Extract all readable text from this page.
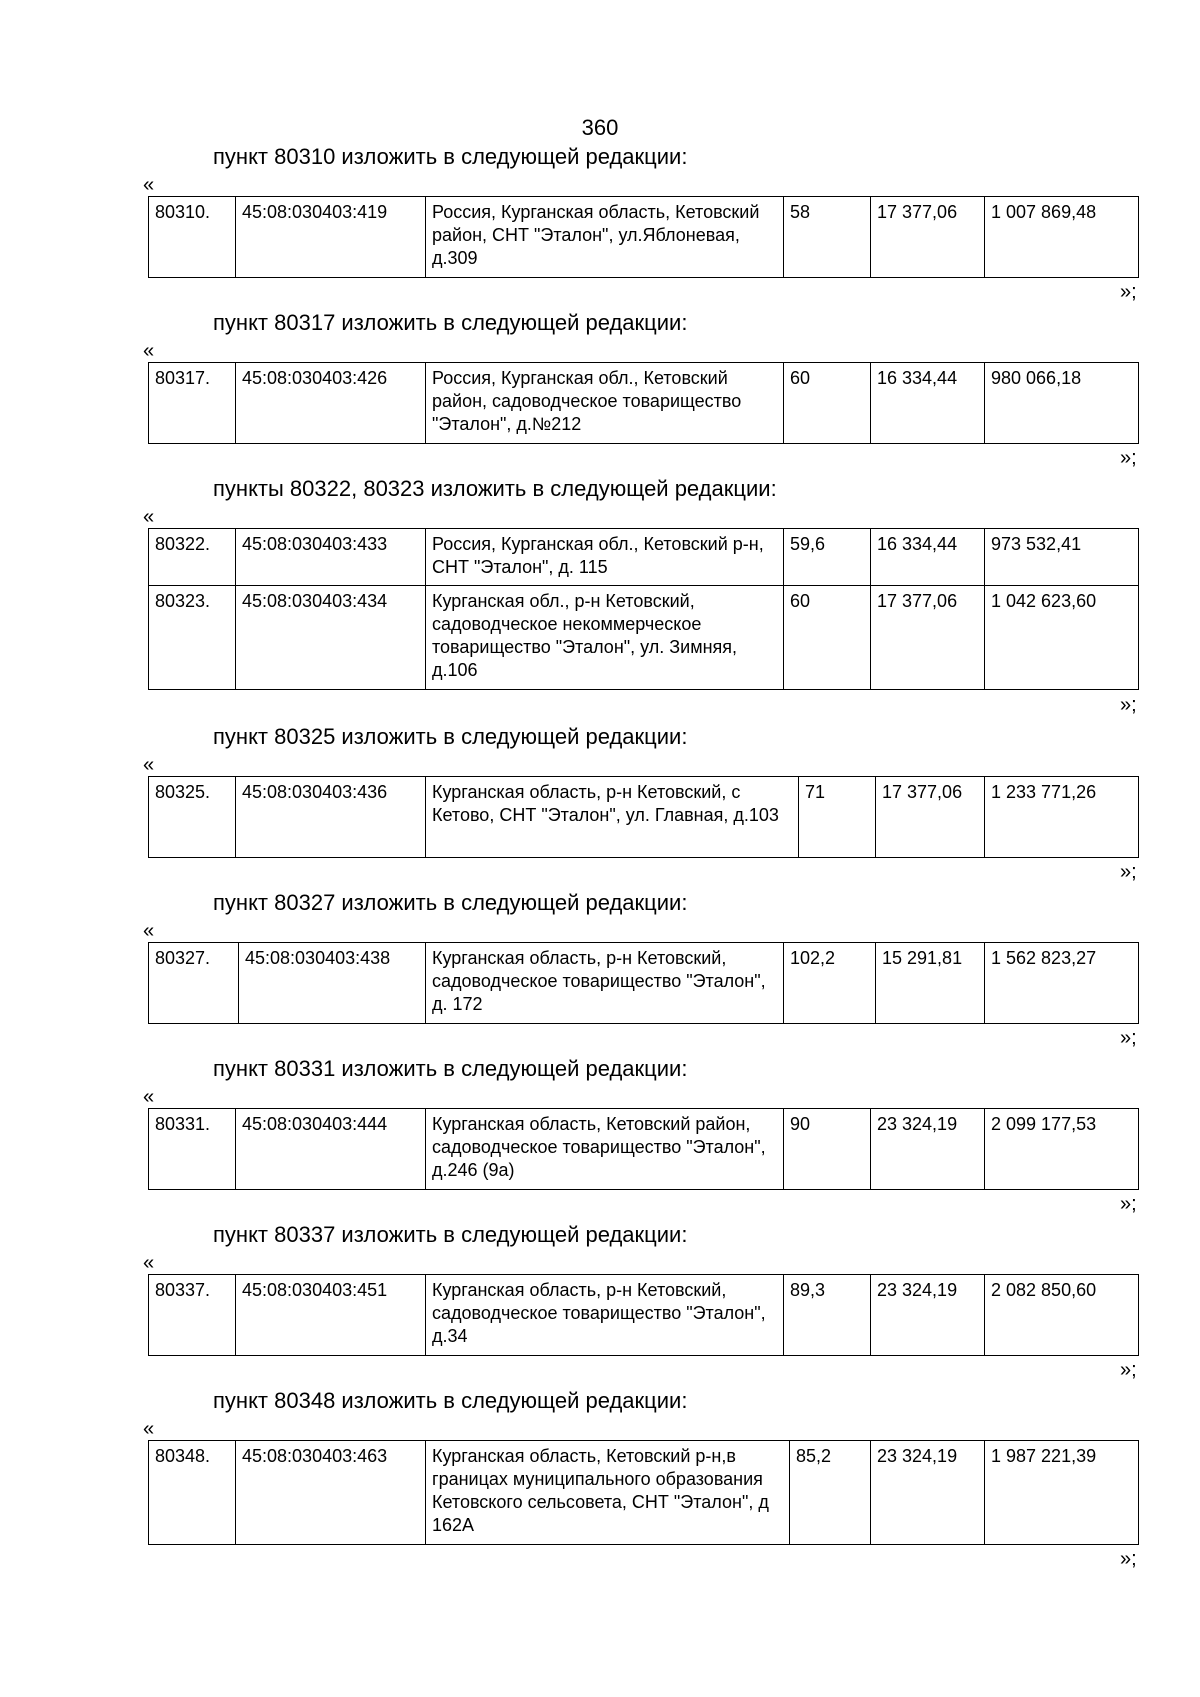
360
пункт 80310 изложить в следующей редакции:
«
80310.	45:08:030403:419	Россия, Курганская область, Кетовский район, СНТ "Эталон", ул.Яблоневая, д.309	58	17 377,06	1 007 869,48
»;
пункт 80317 изложить в следующей редакции:
«
80317.	45:08:030403:426	Россия, Курганская обл., Кетовский район, садоводческое товарищество "Эталон", д.№212	60	16 334,44	980 066,18
»;
пункты 80322, 80323 изложить в следующей редакции:
«
80322.	45:08:030403:433	Россия, Курганская обл., Кетовский р-н, СНТ "Эталон", д. 115	59,6	16 334,44	973 532,41
80323.	45:08:030403:434	Курганская обл., р-н Кетовский, садоводческое некоммерческое товарищество "Эталон", ул. Зимняя, д.106	60	17 377,06	1 042 623,60
»;
пункт 80325 изложить в следующей редакции:
«
80325.	45:08:030403:436	Курганская область, р-н Кетовский, с Кетово, СНТ "Эталон", ул. Главная, д.103	71	17 377,06	1 233 771,26
»;
пункт 80327 изложить в следующей редакции:
«
80327.	45:08:030403:438	Курганская область, р-н Кетовский, садоводческое товарищество "Эталон", д. 172	102,2	15 291,81	1 562 823,27
»;
пункт 80331 изложить в следующей редакции:
«
80331.	45:08:030403:444	Курганская область, Кетовский район, садоводческое товарищество "Эталон", д.246 (9а)	90	23 324,19	2 099 177,53
»;
пункт 80337 изложить в следующей редакции:
«
80337.	45:08:030403:451	Курганская область, р-н Кетовский, садоводческое товарищество "Эталон", д.34	89,3	23 324,19	2 082 850,60
»;
пункт 80348 изложить в следующей редакции:
«
80348.	45:08:030403:463	Курганская область, Кетовский р-н,в границах муниципального образования Кетовского сельсовета, СНТ "Эталон", д 162А	85,2	23 324,19	1 987 221,39
»;
